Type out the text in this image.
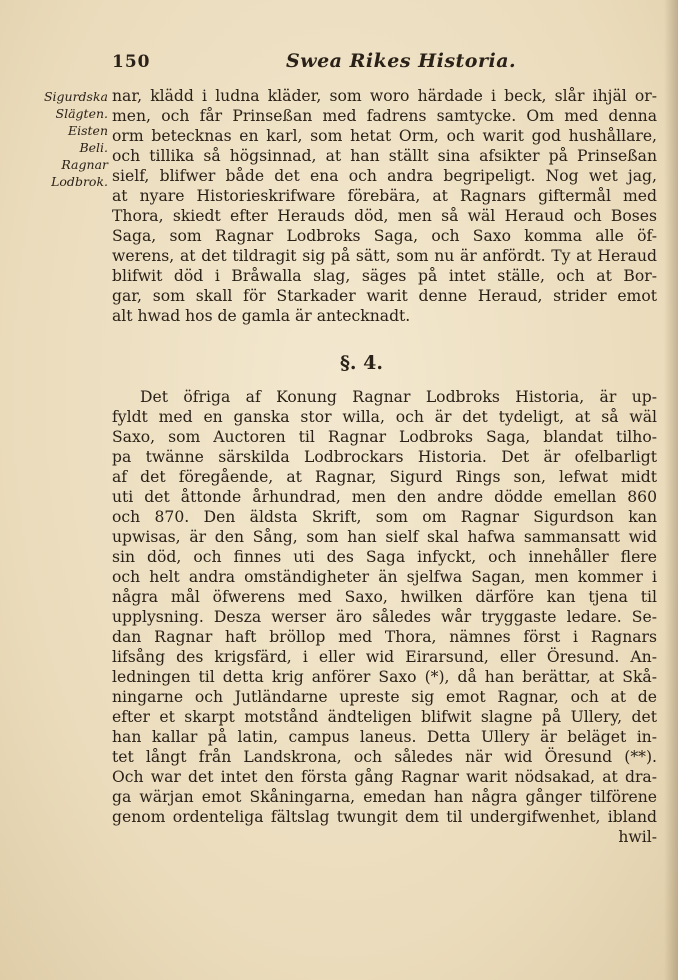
150	Swea Rikes Historia.
Sigurdska
Slägten.
Eisten
Beli.
Ragnar
Lodbrok.
nar, klädd i ludna kläder, som woro härdade i beck, slår ihjäl or-
men, och får Prinseßan med fadrens samtycke. Om med denna
orm betecknas en karl, som hetat Orm, och warit god hushållare,
och tillika så högsinnad, at han ställt sina afsikter på Prinseßan
sielf, blifwer både det ena och andra begripeligt. Nog wet jag,
at nyare Historieskrifware förebära, at Ragnars giftermål med
Thora, skiedt efter Herauds död, men så wäl Heraud och Boses
Saga, som Ragnar Lodbroks Saga, och Saxo komma alle öf-
werens, at det tildragit sig på sätt, som nu är anfördt. Ty at Heraud
blifwit död i Bråwalla slag, säges på intet ställe, och at Bor-
gar, som skall för Starkader warit denne Heraud, strider emot
alt hwad hos de gamla är antecknadt.
§. 4.
Det öfriga af Konung Ragnar Lodbroks Historia, är up-
fyldt med en ganska stor willa, och är det tydeligt, at så wäl
Saxo, som Auctoren til Ragnar Lodbroks Saga, blandat tilho-
pa twänne särskilda Lodbrockars Historia. Det är ofelbarligt
af det föregående, at Ragnar, Sigurd Rings son, lefwat midt
uti det åttonde århundrad, men den andre dödde emellan 860
och 870. Den äldsta Skrift, som om Ragnar Sigurdson kan
upwisas, är den Sång, som han sielf skal hafwa sammansatt wid
sin död, och finnes uti des Saga infyckt, och innehåller flere
och helt andra omständigheter än sjelfwa Sagan, men kommer i
några mål öfwerens med Saxo, hwilken därföre kan tjena til
upplysning. Desza werser äro således wår tryggaste ledare. Se-
dan Ragnar haft bröllop med Thora, nämnes först i Ragnars
lifsång des krigsfärd, i eller wid Eirarsund, eller Öresund. An-
ledningen til detta krig anförer Saxo (*), då han berättar, at Skå-
ningarne och Jutländarne upreste sig emot Ragnar, och at de
efter et skarpt motstånd ändteligen blifwit slagne på Ullery, det
han kallar på latin, campus laneus. Detta Ullery är beläget in-
tet långt från Landskrona, och således när wid Öresund (**).
Och war det intet den första gång Ragnar warit nödsakad, at dra-
ga wärjan emot Skåningarna, emedan han några gånger tilförene
genom ordenteliga fältslag twungit dem til undergifwenhet, ibland
hwil-
